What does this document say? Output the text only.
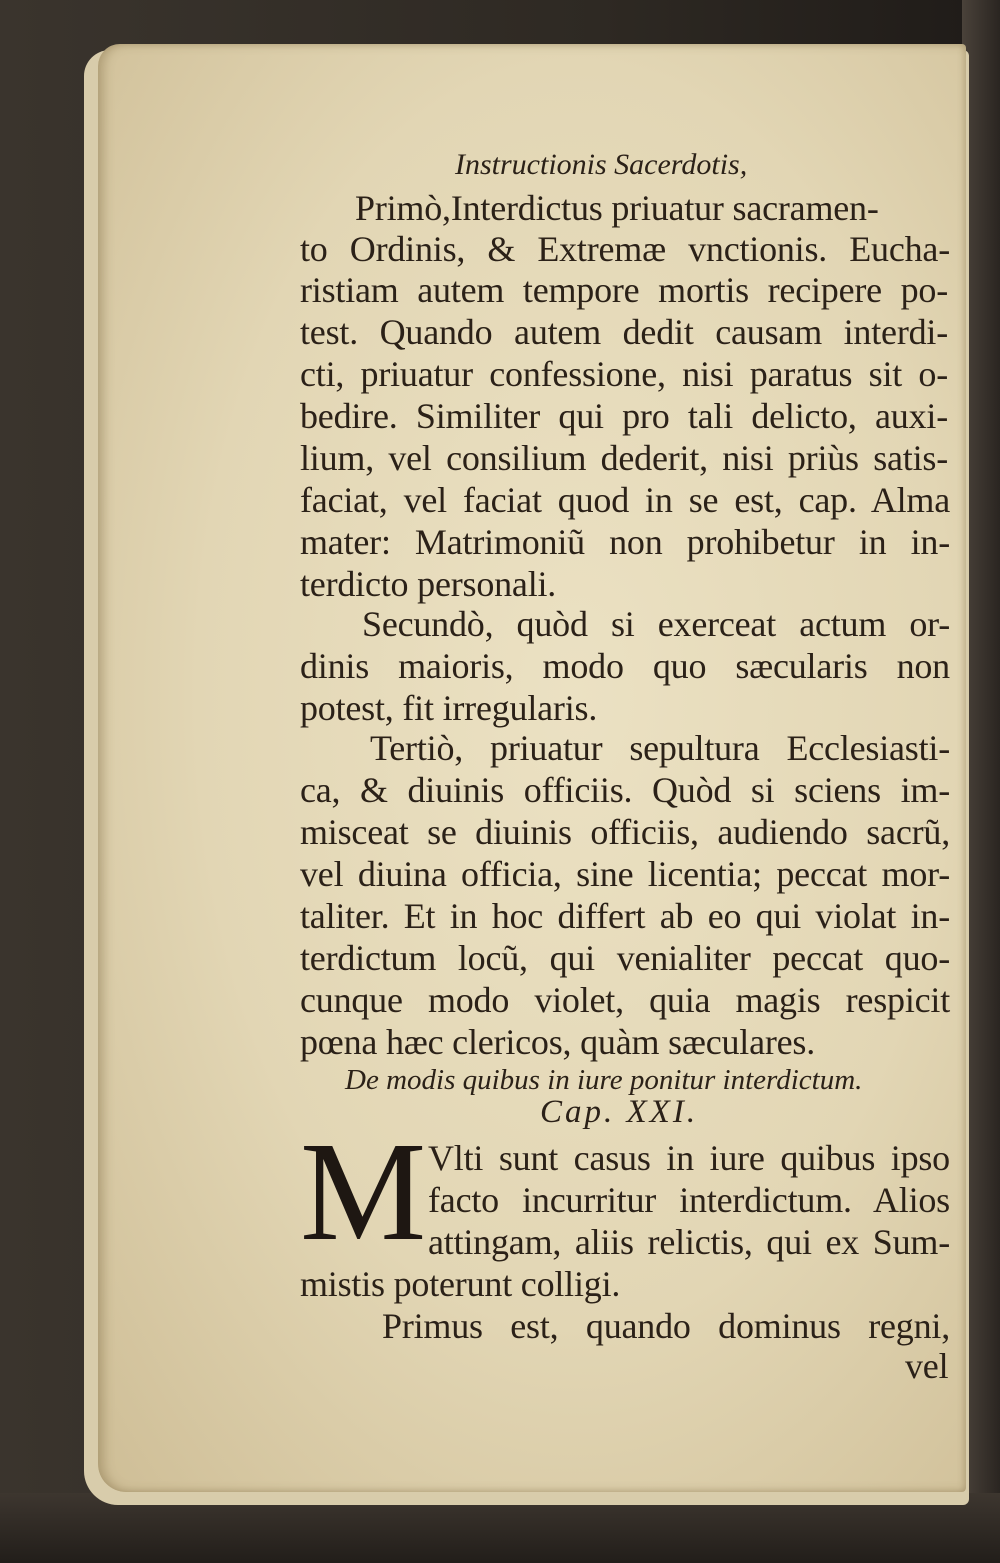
Instructionis Sacerdotis,
Primò,Interdictus priuatur sacramen-
to Ordinis, & Extremæ vnctionis. Eucha-
ristiam autem tempore mortis recipere po-
test. Quando autem dedit causam interdi-
cti, priuatur confessione, nisi paratus sit o-
bedire. Similiter qui pro tali delicto, auxi-
lium, vel consilium dederit, nisi priùs satis-
faciat, vel faciat quod in se est, cap. Alma
mater: Matrimoniũ non prohibetur in in-
terdicto personali.
Secundò, quòd si exerceat actum or-
dinis maioris, modo quo sæcularis non
potest, fit irregularis.
Tertiò, priuatur sepultura Ecclesiasti-
ca, & diuinis officiis. Quòd si sciens im-
misceat se diuinis officiis, audiendo sacrũ,
vel diuina officia, sine licentia; peccat mor-
taliter. Et in hoc differt ab eo qui violat in-
terdictum locũ, qui venialiter peccat quo-
cunque modo violet, quia magis respicit
pœna hæc clericos, quàm sæculares.
De modis quibus in iure ponitur interdictum.
Cap. XXI.
M Vlti sunt casus in iure quibus ipso
facto incurritur interdictum. Alios
attingam, aliis relictis, qui ex Sum-
mistis poterunt colligi.
Primus est, quando dominus regni,
vel
